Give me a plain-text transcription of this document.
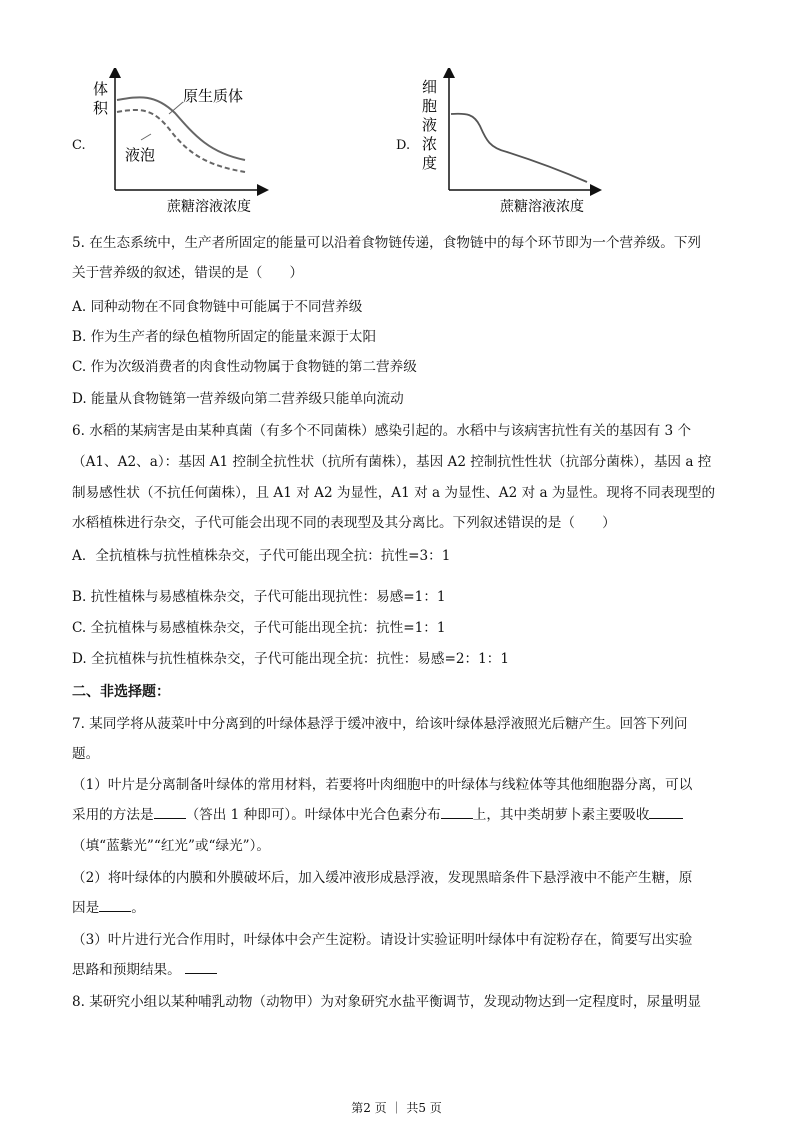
C.
体
积
原生质体
液泡
蔗糖溶液浓度
D.
细
胞
液
浓
度
蔗糖溶液浓度
5. 在生态系统中，生产者所固定的能量可以沿着食物链传递，食物链中的每个环节即为一个营养级。下列
关于营养级的叙述，错误的是（　　）
A. 同种动物在不同食物链中可能属于不同营养级
B. 作为生产者的绿色植物所固定的能量来源于太阳
C. 作为次级消费者的肉食性动物属于食物链的第二营养级
D. 能量从食物链第一营养级向第二营养级只能单向流动
6. 水稻的某病害是由某种真菌（有多个不同菌株）感染引起的。水稻中与该病害抗性有关的基因有 3 个
（A1、A2、a）：基因 A1 控制全抗性状（抗所有菌株），基因 A2 控制抗性性状（抗部分菌株），基因 a 控
制易感性状（不抗任何菌株），且 A1 对 A2 为显性，A1 对 a 为显性、A2 对 a 为显性。现将不同表现型的
水稻植株进行杂交，子代可能会出现不同的表现型及其分离比。下列叙述错误的是（　　）
A．全抗植株与抗性植株杂交，子代可能出现全抗：抗性=3：1
B. 抗性植株与易感植株杂交，子代可能出现抗性：易感=1：1
C. 全抗植株与易感植株杂交，子代可能出现全抗：抗性=1：1
D. 全抗植株与抗性植株杂交，子代可能出现全抗：抗性：易感=2：1：1
二、非选择题：
7. 某同学将从菠菜叶中分离到的叶绿体悬浮于缓冲液中，给该叶绿体悬浮液照光后糖产生。回答下列问
题。
（1）叶片是分离制备叶绿体的常用材料，若要将叶肉细胞中的叶绿体与线粒体等其他细胞器分离，可以
采用的方法是 （答出 1 种即可）。叶绿体中光合色素分布 上，其中类胡萝卜素主要吸收
（填“蓝紫光”“红光”或“绿光”）。
（2）将叶绿体的内膜和外膜破坏后，加入缓冲液形成悬浮液，发现黑暗条件下悬浮液中不能产生糖，原
因是 。
（3）叶片进行光合作用时，叶绿体中会产生淀粉。请设计实验证明叶绿体中有淀粉存在，简要写出实验
思路和预期结果。
8. 某研究小组以某种哺乳动物（动物甲）为对象研究水盐平衡调节，发现动物达到一定程度时，尿量明显
第2 页 ｜ 共5 页
